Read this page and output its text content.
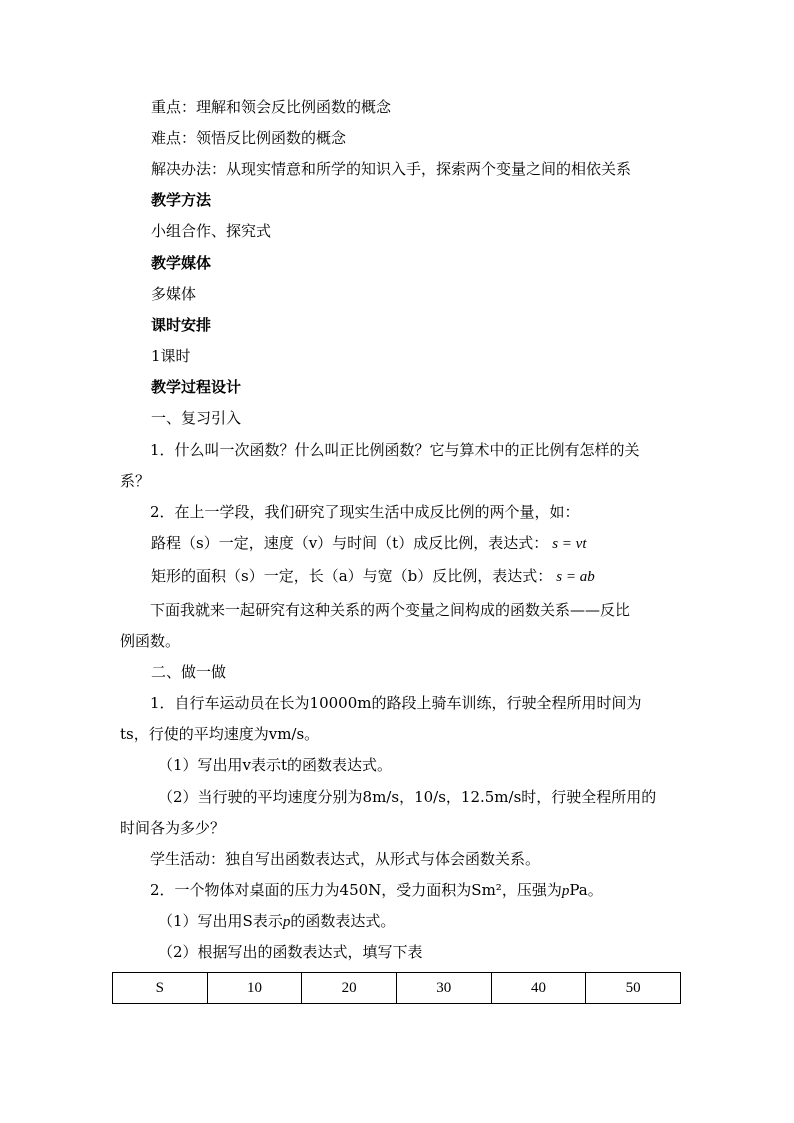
重点：理解和领会反比例函数的概念
难点：领悟反比例函数的概念
解决办法：从现实情意和所学的知识入手，探索两个变量之间的相依关系
教学方法
小组合作、探究式
教学媒体
多媒体
课时安排
1课时
教学过程设计
一、复习引入
1．什么叫一次函数？什么叫正比例函数？它与算术中的正比例有怎样的关
系？
2．在上一学段，我们研究了现实生活中成反比例的两个量，如：
路程（s）一定，速度（v）与时间（t）成反比例，表达式： s = vt
矩形的面积（s）一定，长（a）与宽（b）反比例，表达式： s = ab
下面我就来一起研究有这种关系的两个变量之间构成的函数关系——反比
例函数。
二、做一做
1．自行车运动员在长为10000m的路段上骑车训练，行驶全程所用时间为
ts，行使的平均速度为vm/s。
（1）写出用v表示t的函数表达式。
（2）当行驶的平均速度分别为8m/s，10/s，12.5m/s时，行驶全程所用的
时间各为多少？
学生活动：独自写出函数表达式，从形式与体会函数关系。
2．一个物体对桌面的压力为450N，受力面积为Sm²，压强为pPa。
（1）写出用S表示p的函数表达式。
（2）根据写出的函数表达式，填写下表
S	10	20	30	40	50
